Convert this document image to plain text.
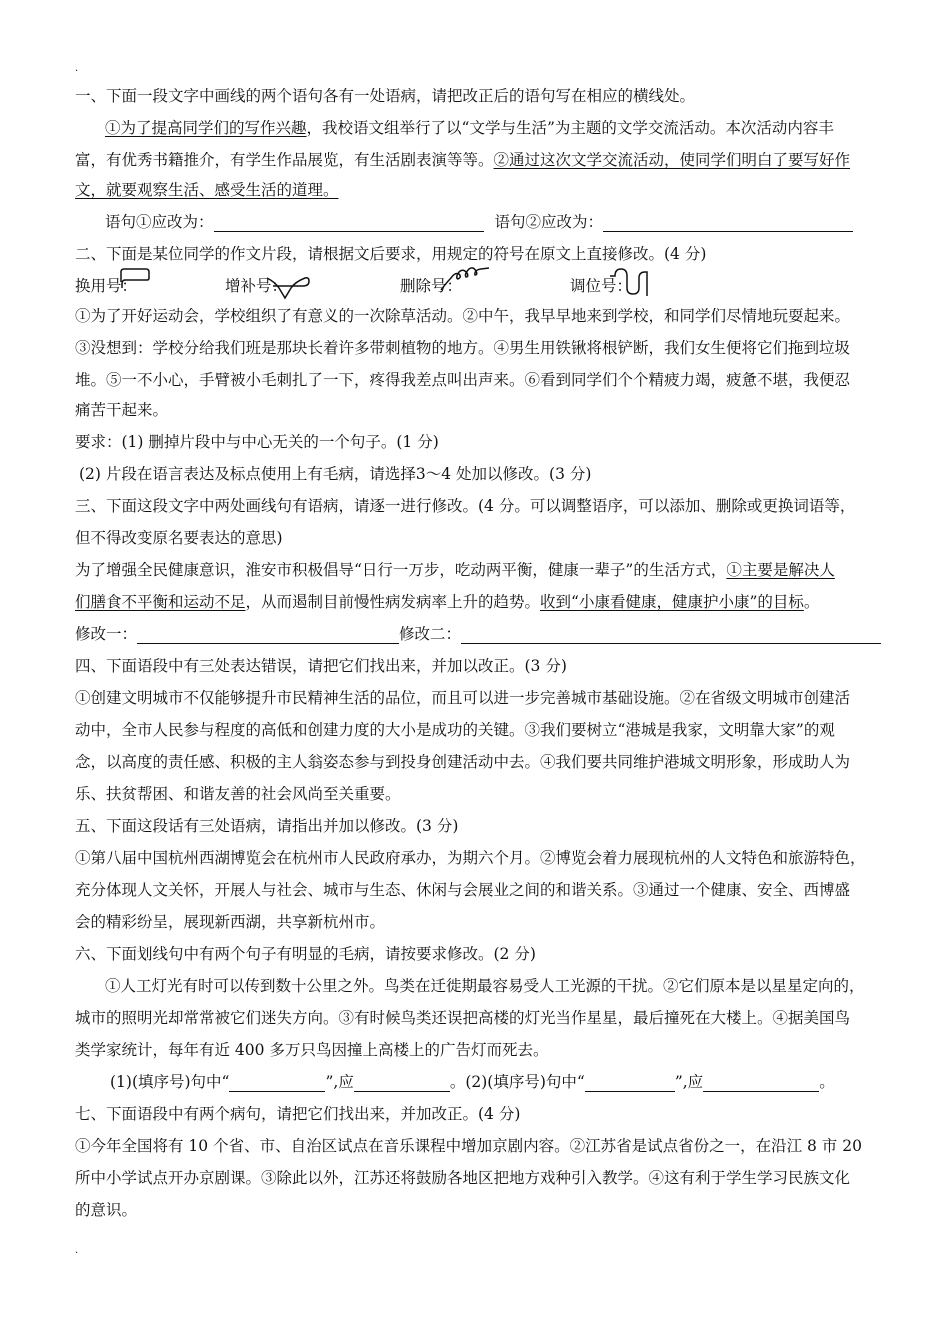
.
一、下面一段文字中画线的两个语句各有一处语病，请把改正后的语句写在相应的横线处。
①为了提高同学们的写作兴趣，我校语文组举行了以“文学与生活”为主题的文学交流活动。本次活动内容丰
富，有优秀书籍推介，有学生作品展览，有生活剧表演等等。②通过这次文学交流活动，使同学们明白了要写好作
文，就要观察生活、感受生活的道理。
语句①应改为：	语句②应改为：
二、下面是某位同学的作文片段，请根据文后要求，用规定的符号在原文上直接修改。(4 分)
换用号：	增补号：	删除号：	调位号：
①为了开好运动会，学校组织了有意义的一次除草活动。②中午，我早早地来到学校，和同学们尽情地玩耍起来。
③没想到：学校分给我们班是那块长着许多带刺植物的地方。④男生用铁锹将根铲断，我们女生便将它们拖到垃圾
堆。⑤一不小心，手臂被小毛刺扎了一下，疼得我差点叫出声来。⑥看到同学们个个精疲力竭，疲惫不堪，我便忍
痛苦干起来。
要求：(1) 删掉片段中与中心无关的一个句子。(1 分)
(2) 片段在语言表达及标点使用上有毛病，请选择3～4 处加以修改。(3 分)
三、下面这段文字中两处画线句有语病，请逐一进行修改。(4 分。可以调整语序，可以添加、删除或更换词语等，
但不得改变原名要表达的意思)
为了增强全民健康意识，淮安市积极倡导“日行一万步，吃动两平衡，健康一辈子”的生活方式，①主要是解决人
们膳食不平衡和运动不足，从而遏制目前慢性病发病率上升的趋势。收到“小康看健康，健康护小康”的目标。
修改一：	修改二：
四、下面语段中有三处表达错误，请把它们找出来，并加以改正。(3 分)
①创建文明城市不仅能够提升市民精神生活的品位，而且可以进一步完善城市基础设施。②在省级文明城市创建活
动中，全市人民参与程度的高低和创建力度的大小是成功的关键。③我们要树立“港城是我家，文明靠大家”的观
念，以高度的责任感、积极的主人翁姿态参与到投身创建活动中去。④我们要共同维护港城文明形象，形成助人为
乐、扶贫帮困、和谐友善的社会风尚至关重要。
五、下面这段话有三处语病，请指出并加以修改。(3 分)
①第八届中国杭州西湖博览会在杭州市人民政府承办，为期六个月。②博览会着力展现杭州的人文特色和旅游特色，
充分体现人文关怀，开展人与社会、城市与生态、休闲与会展业之间的和谐关系。③通过一个健康、安全、西博盛
会的精彩纷呈，展现新西湖，共享新杭州市。
六、下面划线句中有两个句子有明显的毛病，请按要求修改。(2 分)
①人工灯光有时可以传到数十公里之外。鸟类在迁徙期最容易受人工光源的干扰。②它们原本是以星星定向的，
城市的照明光却常常被它们迷失方向。③有时候鸟类还误把高楼的灯光当作星星，最后撞死在大楼上。④据美国鸟
类学家统计，每年有近 400 多万只鸟因撞上高楼上的广告灯而死去。
(1)(填序号)句中“	”,应	。(2)(填序号)句中“	”,应	。
七、下面语段中有两个病句，请把它们找出来，并加改正。(4 分)
①今年全国将有 10 个省、市、自治区试点在音乐课程中增加京剧内容。②江苏省是试点省份之一，在沿江 8 市 20
所中小学试点开办京剧课。③除此以外，江苏还将鼓励各地区把地方戏种引入教学。④这有利于学生学习民族文化
的意识。
.
